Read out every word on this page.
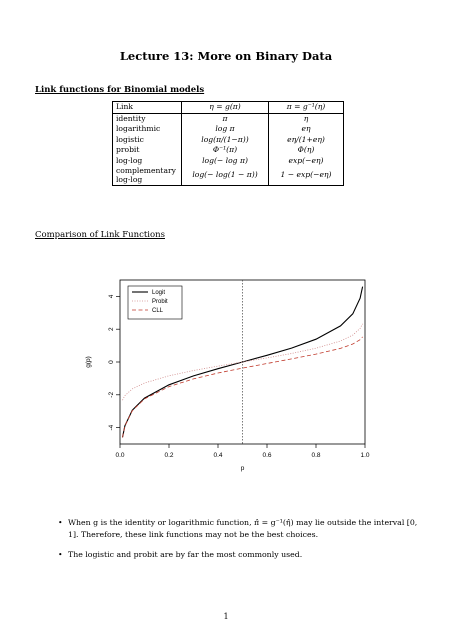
Lecture 13: More on Binary Data
Link functions for Binomial models
Link	η = g(π)	π = g⁻¹(η)
identity	π	η
logarithmic	log π	eη
logistic	log(π/(1−π))	eη/(1+eη)
probit	Φ⁻¹(π)	Φ(η)
log-log	log(− log π)	exp(−eη)
complementary log-log	log(− log(1 − π))	1 − exp(−eη)
Comparison of Link Functions
0.0	0.2	0.4	0.6	0.8	1.0
-4
-2
0
2
4
p
g(p)
Logit
Probit
CLL
• When g is the identity or logarithmic function, π̂ = g⁻¹(η̂) may lie outside the interval [0, 1]. Therefore, these link functions may not be the best choices.
• The logistic and probit are by far the most commonly used.
1
